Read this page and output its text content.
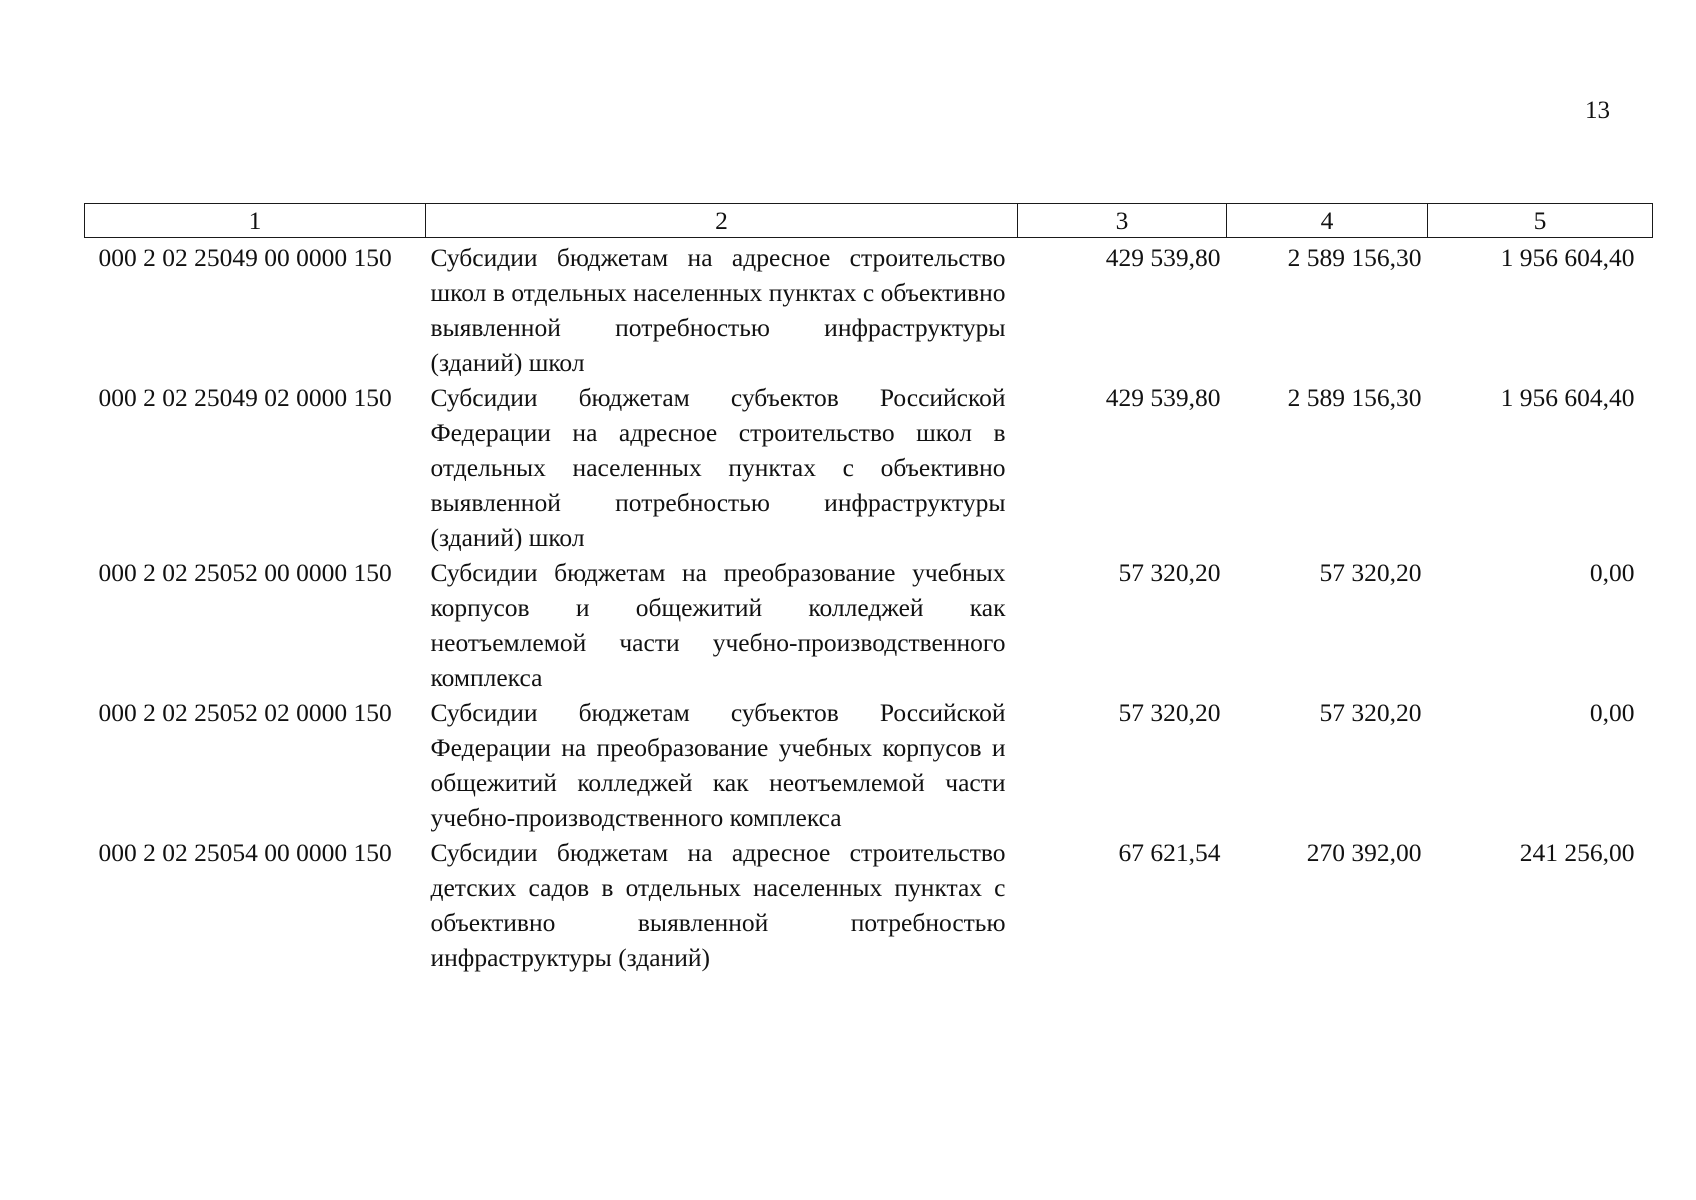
13
1	2	3	4	5
000 2 02 25049 00 0000 150	Субсидии бюджетам на адресное строительство школ в отдельных населенных пунктах с объективно выявленной потребностью инфраструктуры (зданий) школ	429 539,80	2 589 156,30	1 956 604,40
000 2 02 25049 02 0000 150	Субсидии бюджетам субъектов Российской Федерации на адресное строительство школ в отдельных населенных пунктах с объективно выявленной потребностью инфраструктуры (зданий) школ	429 539,80	2 589 156,30	1 956 604,40
000 2 02 25052 00 0000 150	Субсидии бюджетам на преобразование учебных корпусов и общежитий колледжей как неотъемлемой части учебно-производственного комплекса	57 320,20	57 320,20	0,00
000 2 02 25052 02 0000 150	Субсидии бюджетам субъектов Российской Федерации на преобразование учебных корпусов и общежитий колледжей как неотъемлемой части учебно-производственного комплекса	57 320,20	57 320,20	0,00
000 2 02 25054 00 0000 150	Субсидии бюджетам на адресное строительство детских садов в отдельных населенных пунктах с объективно выявленной потребностью инфраструктуры (зданий)	67 621,54	270 392,00	241 256,00
